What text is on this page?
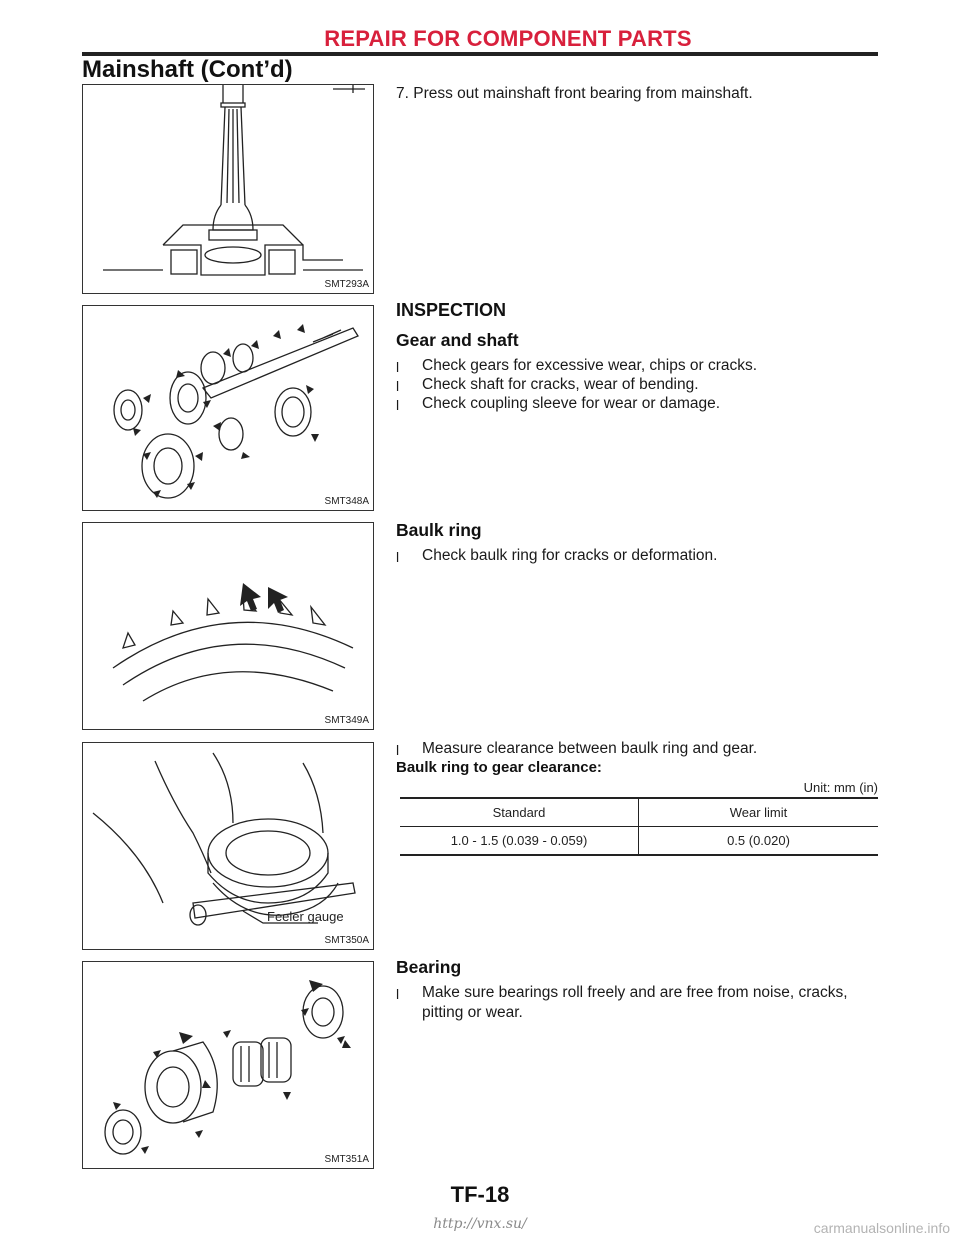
REPAIR FOR COMPONENT PARTS
Mainshaft (Cont’d)
SMT293A
7. Press out mainshaft front bearing from mainshaft.
SMT348A
INSPECTION
Gear and shaft
l	Check gears for excessive wear, chips or cracks.
l	Check shaft for cracks, wear of bending.
l	Check coupling sleeve for wear or damage.
SMT349A
Baulk ring
l	Check baulk ring for cracks or deformation.
Feeler gauge
SMT350A
l	Measure clearance between baulk ring and gear.
Baulk ring to gear clearance:
Unit: mm (in)
Standard	Wear limit
1.0 - 1.5 (0.039 - 0.059)	0.5 (0.020)
SMT351A
Bearing
l	Make sure bearings roll freely and are free from noise, cracks, pitting or wear.
TF-18
http://vnx.su/	carmanualsonline.info
